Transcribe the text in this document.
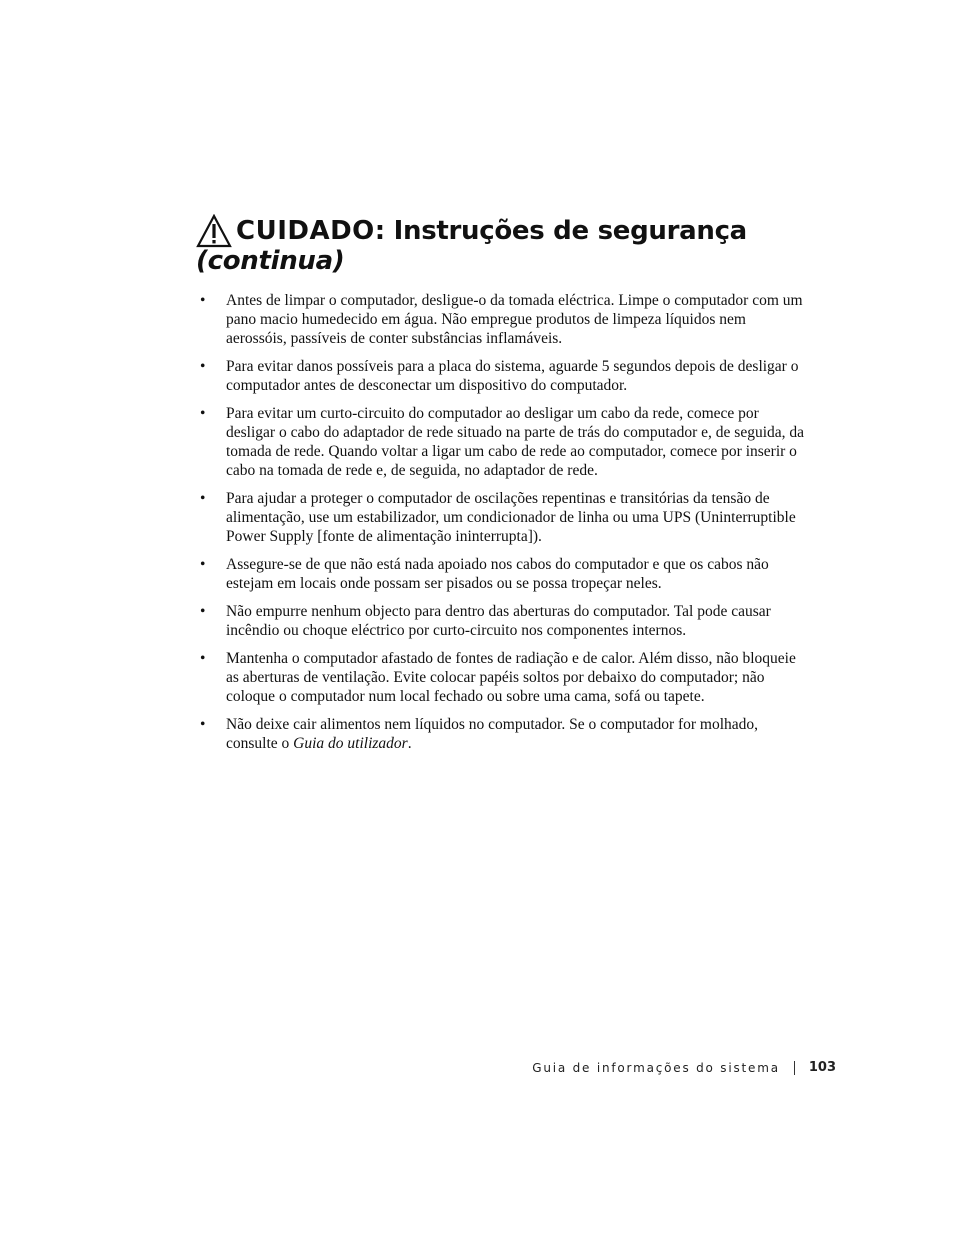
CUIDADO : Instruções de segurança
(continua)
• Antes de limpar o computador, desligue-o da tomada eléctrica. Limpe o computador com um pano macio humedecido em água. Não empregue produtos de limpeza líquidos nem aerossóis, passíveis de conter substâncias inflamáveis.
• Para evitar danos possíveis para a placa do sistema, aguarde 5 segundos depois de desligar o computador antes de desconectar um dispositivo do computador.
• Para evitar um curto-circuito do computador ao desligar um cabo da rede, comece por desligar o cabo do adaptador de rede situado na parte de trás do computador e, de seguida, da tomada de rede. Quando voltar a ligar um cabo de rede ao computador, comece por inserir o cabo na tomada de rede e, de seguida, no adaptador de rede.
• Para ajudar a proteger o computador de oscilações repentinas e transitórias da tensão de alimentação, use um estabilizador, um condicionador de linha ou uma UPS (Uninterruptible Power Supply [fonte de alimentação ininterrupta]).
• Assegure-se de que não está nada apoiado nos cabos do computador e que os cabos não estejam em locais onde possam ser pisados ou se possa tropeçar neles.
• Não empurre nenhum objecto para dentro das aberturas do computador. Tal pode causar incêndio ou choque eléctrico por curto-circuito nos componentes internos.
• Mantenha o computador afastado de fontes de radiação e de calor. Além disso, não bloqueie as aberturas de ventilação. Evite colocar papéis soltos por debaixo do computador; não coloque o computador num local fechado ou sobre uma cama, sofá ou tapete.
• Não deixe cair alimentos nem líquidos no computador. Se o computador for molhado, consulte o Guia do utilizador.
Guia de informações do sistema 103
